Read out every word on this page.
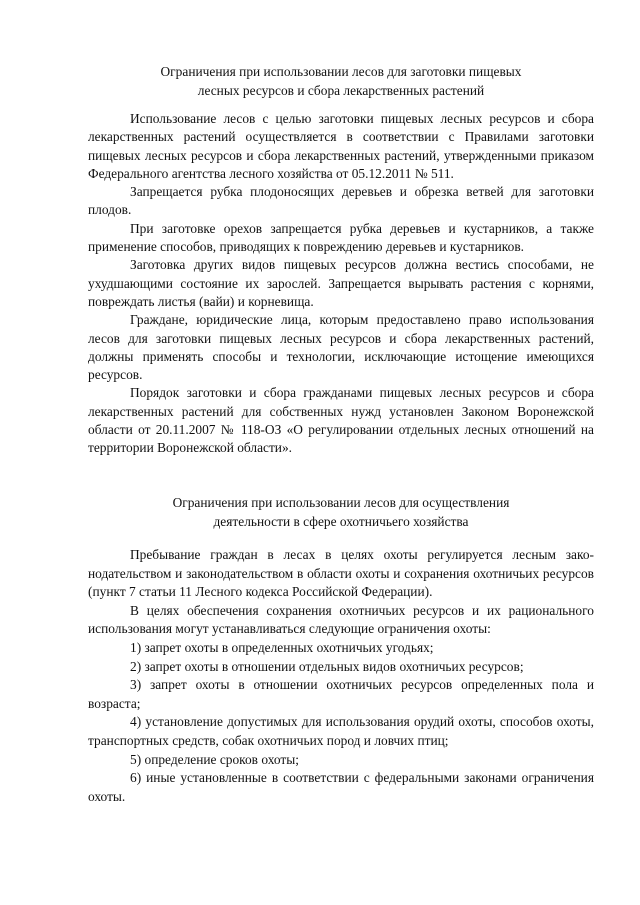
Ограничения при использовании лесов для заготовки пищевых
лесных ресурсов и сбора лекарственных растений

Использование лесов с целью заготовки пищевых лесных ресурсов и сбора лекарственных растений осуществляется в соответствии с Правилами заготовки пищевых лесных ресурсов и сбора лекарственных растений, утвержденными приказом Федерального агентства лесного хозяйства от 05.12.2011 № 511.

Запрещается рубка плодоносящих деревьев и обрезка ветвей для заготовки плодов.

При заготовке орехов запрещается рубка деревьев и кустарников, а также применение способов, приводящих к повреждению деревьев и кустарников.

Заготовка других видов пищевых ресурсов должна вестись способами, не ухудшающими состояние их зарослей. Запрещается вырывать растения с корнями, повреждать листья (вайи) и корневища.

Граждане, юридические лица, которым предоставлено право использования лесов для заготовки пищевых лесных ресурсов и сбора лекарственных растений, должны применять способы и технологии, исключающие истощение имеющихся ресурсов.

Порядок заготовки и сбора гражданами пищевых лесных ресурсов и сбора лекарственных растений для собственных нужд установлен Законом Воронежской области от 20.11.2007 № 118-ОЗ «О регулировании отдельных лесных отношений на территории Воронежской области».

Ограничения при использовании лесов для осуществления
деятельности в сфере охотничьего хозяйства

Пребывание граждан в лесах в целях охоты регулируется лесным законодательством и законодательством в области охоты и сохранения охотничьих ресурсов (пункт 7 статьи 11 Лесного кодекса Российской Федерации).

В целях обеспечения сохранения охотничьих ресурсов и их рационального использования могут устанавливаться следующие ограничения охоты:

1) запрет охоты в определенных охотничьих угодьях;

2) запрет охоты в отношении отдельных видов охотничьих ресурсов;

3) запрет охоты в отношении охотничьих ресурсов определенных пола и возраста;

4) установление допустимых для использования орудий охоты, способов охоты, транспортных средств, собак охотничьих пород и ловчих птиц;

5) определение сроков охоты;

6) иные установленные в соответствии с федеральными законами ограничения охоты.
